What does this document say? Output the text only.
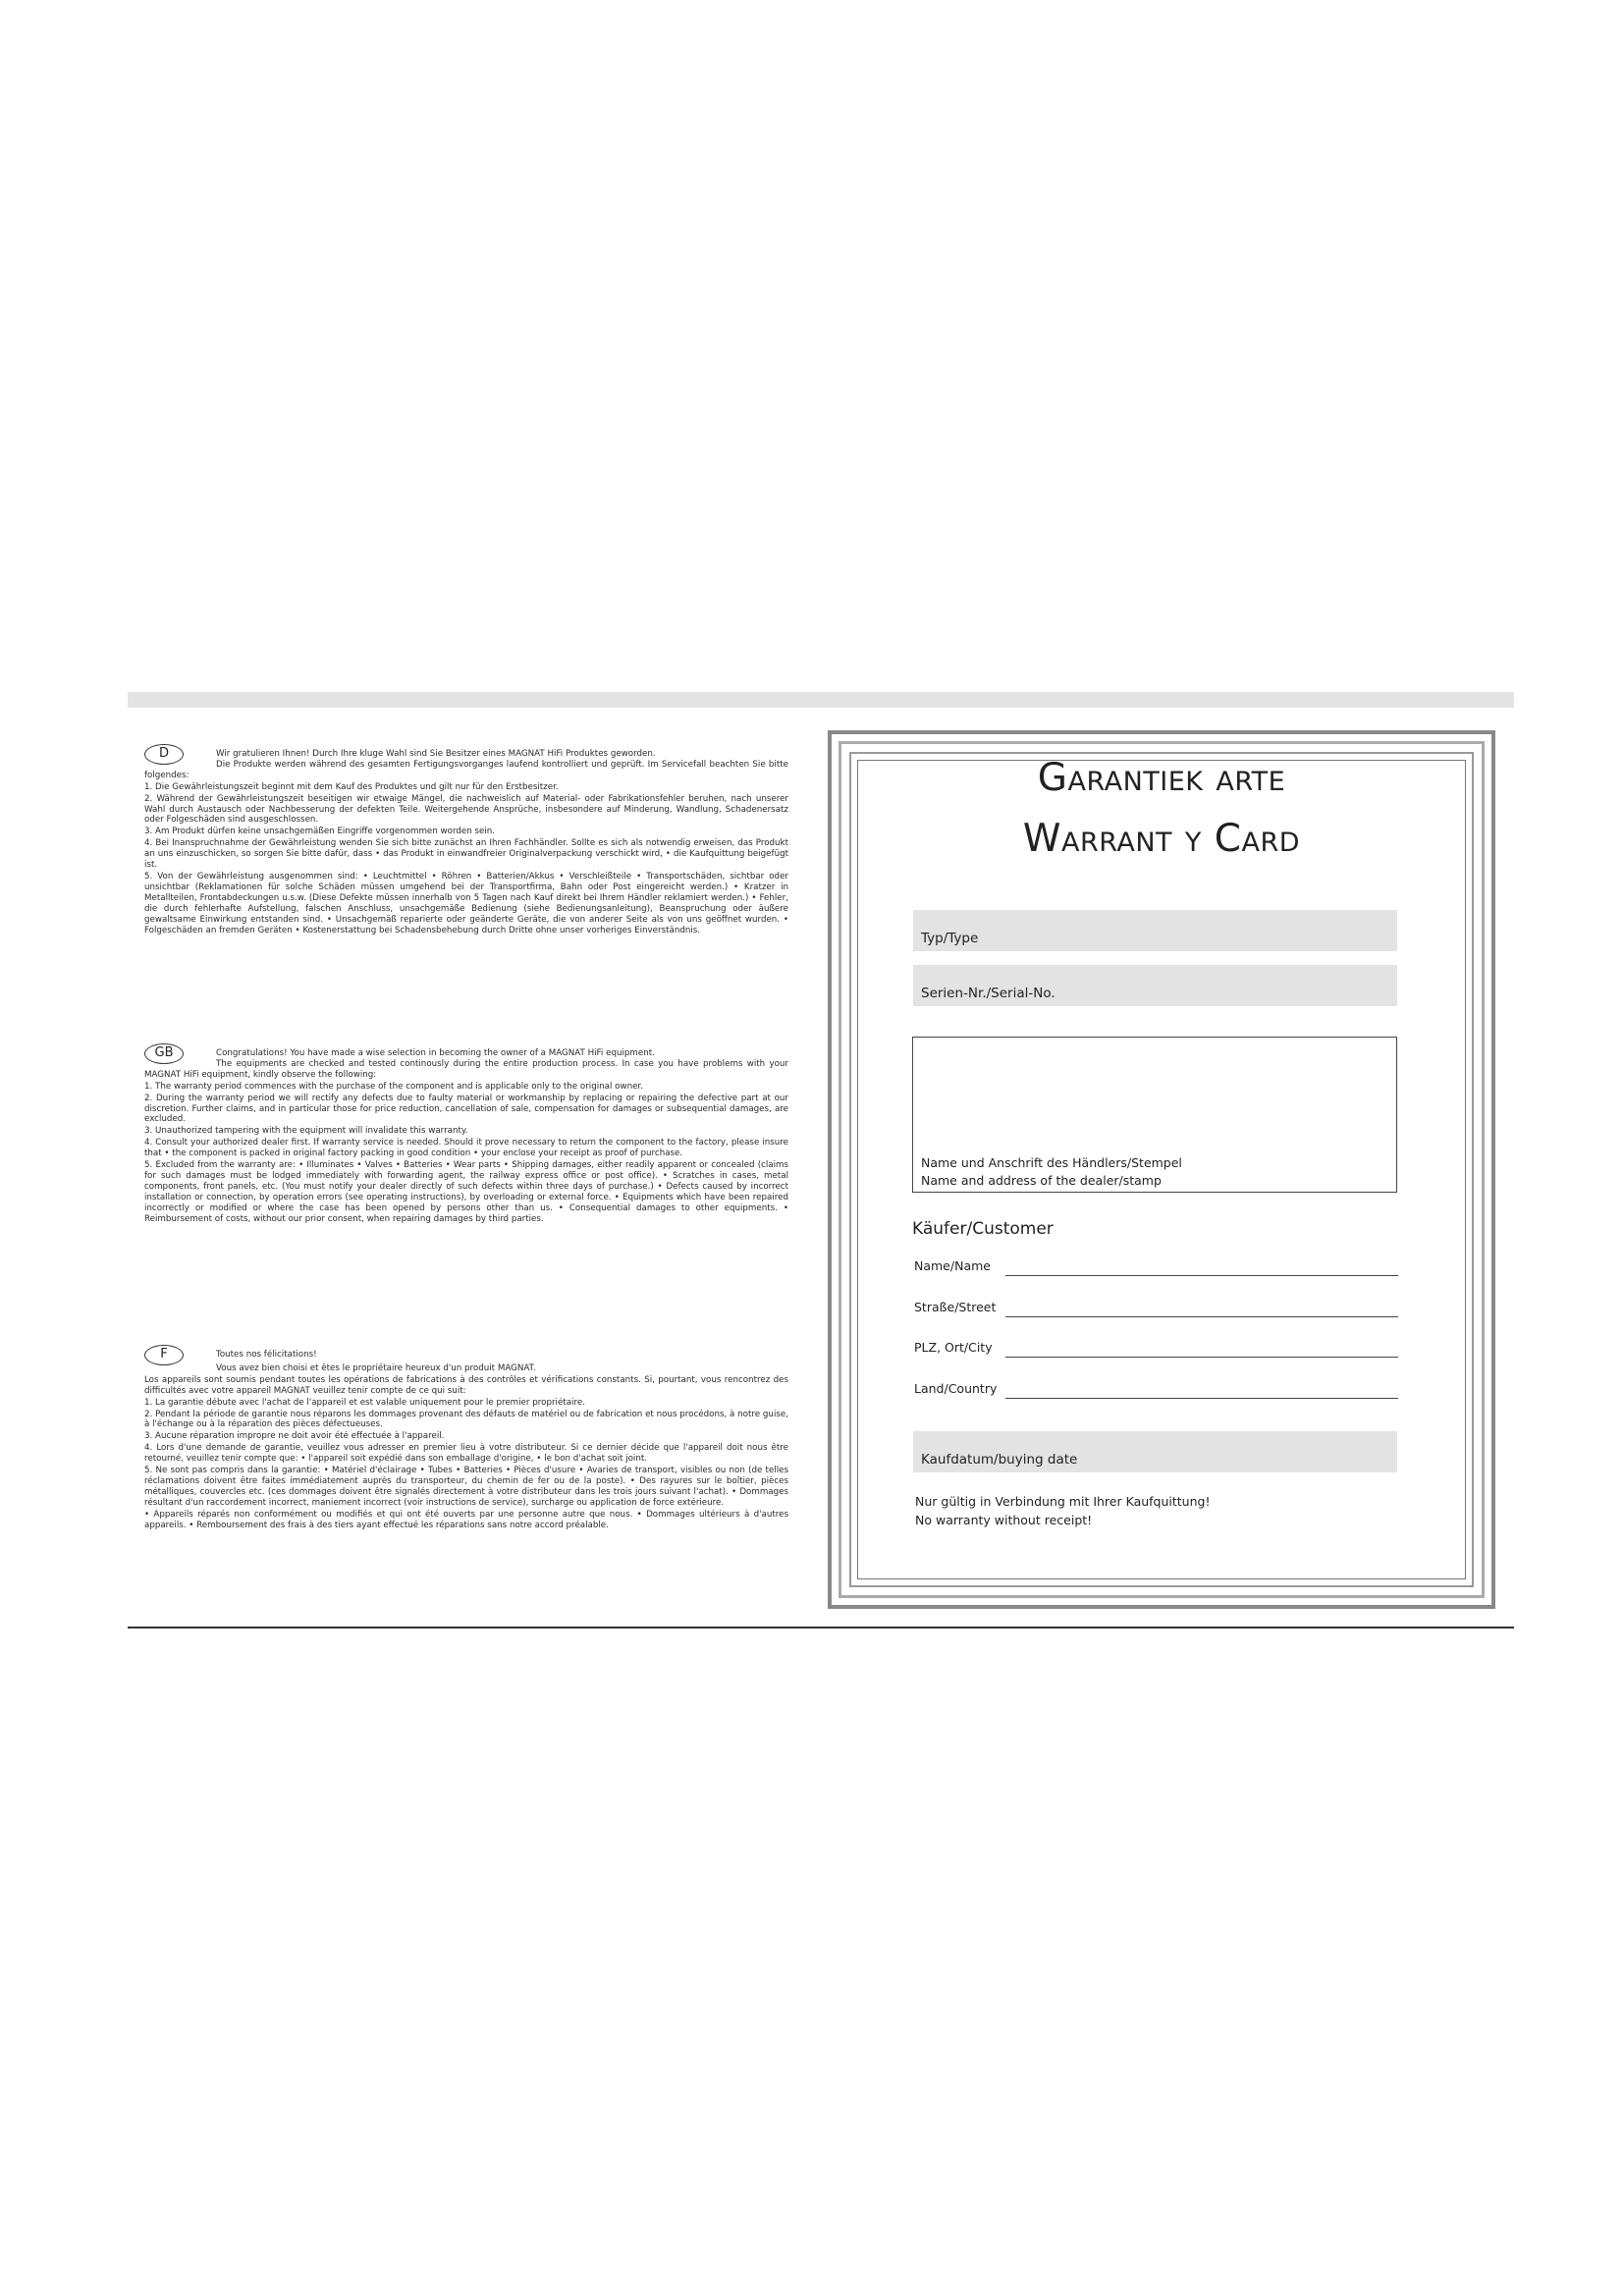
D	Wir gratulieren Ihnen! Durch Ihre kluge Wahl sind Sie Besitzer eines MAGNAT HiFi Produktes geworden.

Die Produkte werden während des gesamten Fertigungsvorganges laufend kontrolliert und geprüft. Im Servicefall beachten Sie bitte folgendes:

1. Die Gewährleistungszeit beginnt mit dem Kauf des Produktes und gilt nur für den Erstbesitzer.

2. Während der Gewährleistungszeit beseitigen wir etwaige Mängel, die nachweislich auf Material- oder Fabrikationsfehler beruhen, nach unserer Wahl durch Austausch oder Nachbesserung der defekten Teile. Weitergehende Ansprüche, insbesondere auf Minderung, Wandlung, Schadenersatz oder Folgeschäden sind ausgeschlossen.

3. Am Produkt dürfen keine unsachgemäßen Eingriffe vorgenommen worden sein.

4. Bei Inanspruchnahme der Gewährleistung wenden Sie sich bitte zunächst an Ihren Fachhändler. Sollte es sich als notwendig erweisen, das Produkt an uns einzuschicken, so sorgen Sie bitte dafür, dass • das Produkt in einwandfreier Originalverpackung verschickt wird, • die Kaufquittung beigefügt ist.

5. Von der Gewährleistung ausgenommen sind: • Leuchtmittel • Röhren • Batterien/Akkus • Verschleißteile • Transportschäden, sichtbar oder unsichtbar (Reklamationen für solche Schäden müssen umgehend bei der Transportfirma, Bahn oder Post eingereicht werden.) • Kratzer in Metallteilen, Frontabdeckungen u.s.w. (Diese Defekte müssen innerhalb von 5 Tagen nach Kauf direkt bei Ihrem Händler reklamiert werden.) • Fehler, die durch fehlerhafte Aufstellung, falschen Anschluss, unsachgemäße Bedienung (siehe Bedienungsanleitung), Beanspruchung oder äußere gewaltsame Einwirkung entstanden sind. • Unsachgemäß reparierte oder geänderte Geräte, die von anderer Seite als von uns geöffnet wurden. • Folgeschäden an fremden Geräten • Kostenerstattung bei Schadensbehebung durch Dritte ohne unser vorheriges Einverständnis.

GB	Congratulations! You have made a wise selection in becoming the owner of a MAGNAT HiFi equipment.

The equipments are checked and tested continously during the entire production process. In case you have problems with your MAGNAT HiFi equipment, kindly observe the following:

1. The warranty period commences with the purchase of the component and is applicable only to the original owner.

2. During the warranty period we will rectify any defects due to faulty material or workmanship by replacing or repairing the defective part at our discretion. Further claims, and in particular those for price reduction, cancellation of sale, compensation for damages or subsequential damages, are excluded.

3. Unauthorized tampering with the equipment will invalidate this warranty.

4. Consult your authorized dealer first. If warranty service is needed. Should it prove necessary to return the component to the factory, please insure that • the component is packed in original factory packing in good condition • your enclose your receipt as proof of purchase.

5. Excluded from the warranty are: • Illuminates • Valves • Batteries • Wear parts • Shipping damages, either readily apparent or concealed (claims for such damages must be lodged immediately with forwarding agent, the railway express office or post office). • Scratches in cases, metal components, front panels, etc. (You must notify your dealer directly of such defects within three days of purchase.) • Defects caused by incorrect installation or connection, by operation errors (see operating instructions), by overloading or external force. • Equipments which have been repaired incorrectly or modified or where the case has been opened by persons other than us. • Consequential damages to other equipments. • Reimbursement of costs, without our prior consent, when repairing damages by third parties.

F	Toutes nos félicitations!

Vous avez bien choisi et êtes le propriétaire heureux d'un produit MAGNAT.

Los appareils sont soumis pendant toutes les opérations de fabrications à des contrôles et vérifications constants. Si, pourtant, vous rencontrez des difficultés avec votre appareil MAGNAT veuillez tenir compte de ce qui suit:

1. La garantie débute avec l'achat de l'appareil et est valable uniquement pour le premier propriétaire.

2. Pendant la période de garantie nous réparons les dommages provenant des défauts de matériel ou de fabrication et nous procédons, à notre guise, à l'échange ou à la réparation des pièces défectueuses.

3. Aucune réparation impropre ne doit avoir été effectuée à l'appareil.

4. Lors d'une demande de garantie, veuillez vous adresser en premier lieu à votre distributeur. Si ce dernier décide que l'appareil doit nous être retourné, veuillez tenir compte que: • l'appareil soit expédié dans son emballage d'origine, • le bon d'achat soit joint.

5. Ne sont pas compris dans la garantie: • Matériel d'éclairage • Tubes • Batteries • Pièces d'usure • Avaries de transport, visibles ou non (de telles réclamations doivent être faites immédiatement auprès du transporteur, du chemin de fer ou de la poste). • Des rayures sur le boîtier, pièces métalliques, couvercles etc. (ces dommages doivent être signalés directement à votre distributeur dans les trois jours suivant l'achat). • Dommages résultant d'un raccordement incorrect, maniement incorrect (voir instructions de service), surcharge ou application de force extérieure.

• Appareils réparés non conformément ou modifiés et qui ont été ouverts par une personne autre que nous. • Dommages ultérieurs à d'autres appareils. • Remboursement des frais à des tiers ayant effectué les réparations sans notre accord préalable.

Garantiek arte
Warrant y Card
Typ/Type
Serien-Nr./Serial-No.
Name und Anschrift des Händlers/Stempel
Name and address of the dealer/stamp
Käufer/Customer
Name/Name
Straße/Street
PLZ, Ort/City
Land/Country
Kaufdatum/buying date
Nur gültig in Verbindung mit Ihrer Kaufquittung!
No warranty without receipt!
